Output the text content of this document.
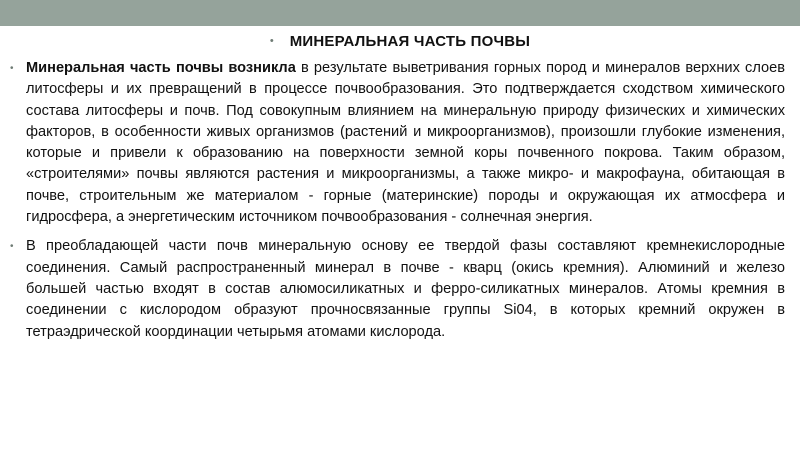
• МИНЕРАЛЬНАЯ ЧАСТЬ ПОЧВЫ

• Минеральная часть почвы возникла в результате выветривания горных пород и минералов верхних слоев литосферы и их превращений в процессе почвообразования. Это подтверждается сходством химического состава литосферы и почв. Под совокупным влиянием на минеральную природу физических и химических факторов, в особенности живых организмов (растений и микроорганизмов), произошли глубокие изменения, которые и привели к образованию на поверхности земной коры почвенного покрова. Таким образом, «строителями» почвы являются растения и микроорганизмы, а также микро- и макрофауна, обитающая в почве, строительным же материалом - горные (материнские) породы и окружающая их атмосфера и гидросфера, а энергетическим источником почвообразования - солнечная энергия.

• В преобладающей части почв минеральную основу ее твердой фазы составляют кремнекислородные соединения. Самый распространенный минерал в почве - кварц (окись кремния). Алюминий и железо большей частью входят в состав алюмосиликатных и ферро-силикатных минералов. Атомы кремния в соединении с кислородом образуют прочносвязанные группы Si04, в которых кремний окружен в тетраэдрической координации четырьмя атомами кислорода.
